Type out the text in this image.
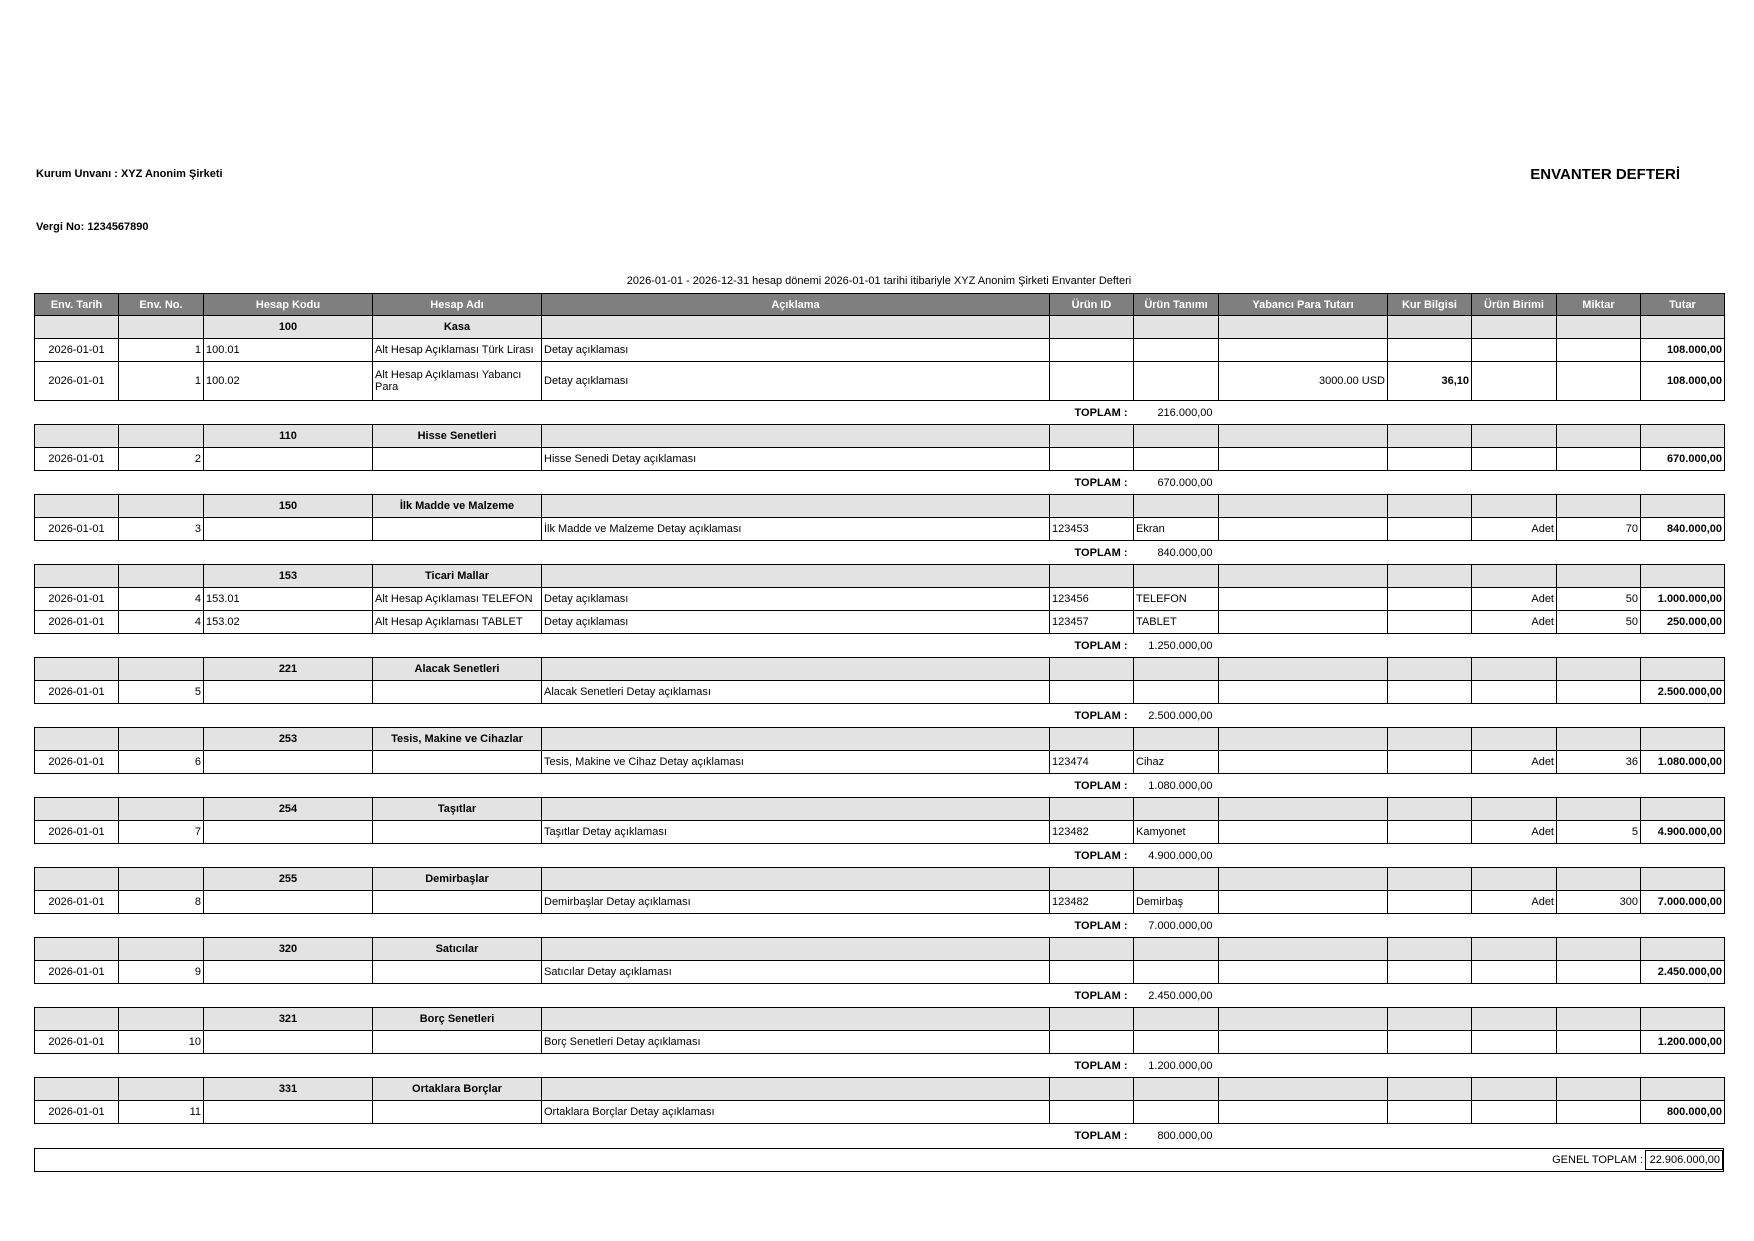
Kurum Unvanı : XYZ Anonim Şirketi
Vergi No: 1234567890
ENVANTER DEFTERİ
2026-01-01 - 2026-12-31 hesap dönemi 2026-01-01 tarihi itibariyle XYZ Anonim Şirketi Envanter Defteri
Env. Tarih	Env. No.	Hesap Kodu	Hesap Adı	Açıklama	Ürün ID	Ürün Tanımı	Yabancı Para Tutarı	Kur Bilgisi	Ürün Birimi	Miktar	Tutar
		100	Kasa								
2026-01-01	1	100.01	Alt Hesap Açıklaması Türk Lirası	Detay açıklaması							108.000,00
2026-01-01	1	100.02	Alt Hesap Açıklaması Yabancı Para	Detay açıklaması			3000.00 USD	36,10			108.000,00
					TOPLAM :	216.000,00					
		110	Hisse Senetleri								
2026-01-01	2			Hisse Senedi Detay açıklaması							670.000,00
					TOPLAM :	670.000,00					
		150	İlk Madde ve Malzeme								
2026-01-01	3			İlk Madde ve Malzeme Detay açıklaması	123453	Ekran			Adet	70	840.000,00
					TOPLAM :	840.000,00					
		153	Ticari Mallar								
2026-01-01	4	153.01	Alt Hesap Açıklaması TELEFON	Detay açıklaması	123456	TELEFON			Adet	50	1.000.000,00
2026-01-01	4	153.02	Alt Hesap Açıklaması TABLET	Detay açıklaması	123457	TABLET			Adet	50	250.000,00
					TOPLAM :	1.250.000,00					
		221	Alacak Senetleri								
2026-01-01	5			Alacak Senetleri Detay açıklaması							2.500.000,00
					TOPLAM :	2.500.000,00					
		253	Tesis, Makine ve Cihazlar								
2026-01-01	6			Tesis, Makine ve Cihaz Detay açıklaması	123474	Cihaz			Adet	36	1.080.000,00
					TOPLAM :	1.080.000,00					
		254	Taşıtlar								
2026-01-01	7			Taşıtlar Detay açıklaması	123482	Kamyonet			Adet	5	4.900.000,00
					TOPLAM :	4.900.000,00					
		255	Demirbaşlar								
2026-01-01	8			Demirbaşlar Detay açıklaması	123482	Demirbaş			Adet	300	7.000.000,00
					TOPLAM :	7.000.000,00					
		320	Satıcılar								
2026-01-01	9			Satıcılar Detay açıklaması							2.450.000,00
					TOPLAM :	2.450.000,00					
		321	Borç Senetleri								
2026-01-01	10			Borç Senetleri Detay açıklaması							1.200.000,00
					TOPLAM :	1.200.000,00					
		331	Ortaklara Borçlar								
2026-01-01	11			Ortaklara Borçlar Detay açıklaması							800.000,00
					TOPLAM :	800.000,00					
GENEL TOPLAM : 22.906.000,00
